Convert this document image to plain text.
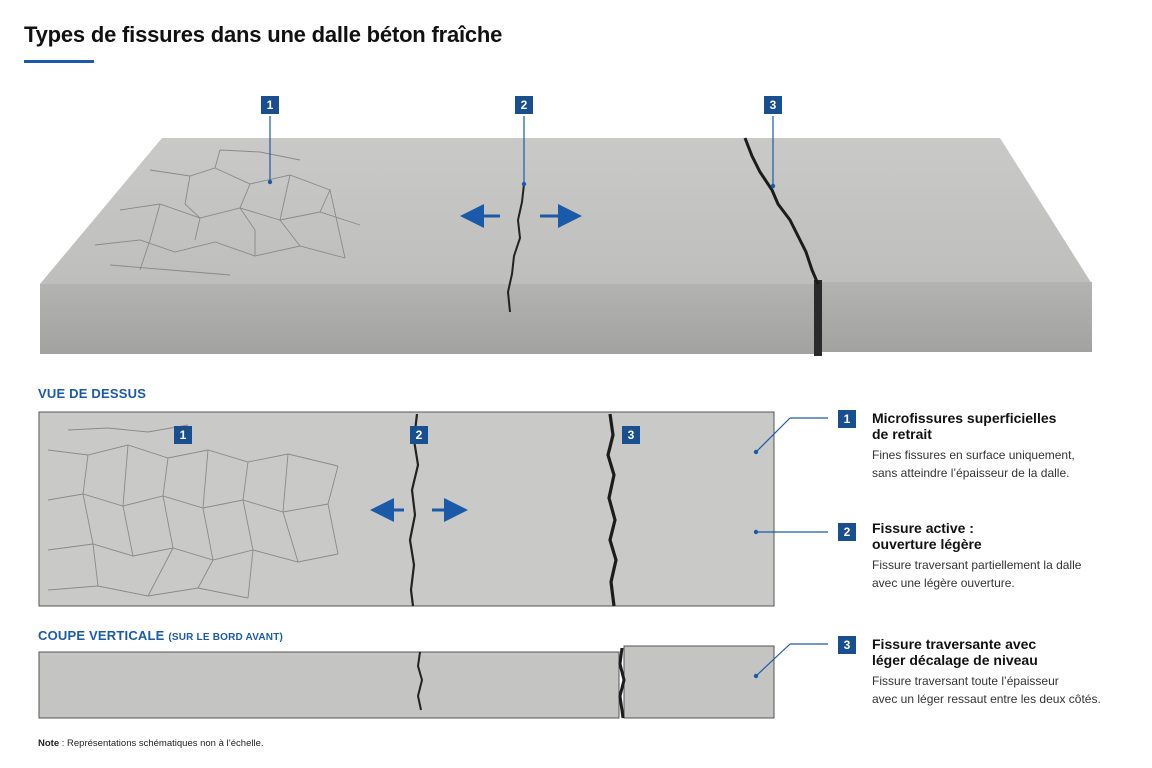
Types de fissures dans une dalle béton fraîche
1	2	3
VUE DE DESSUS
1	2	3
COUPE VERTICALE (SUR LE BORD AVANT)
1	Microfissures superficielles
de retrait
Fines fissures en surface uniquement,
sans atteindre l’épaisseur de la dalle.
2	Fissure active :
ouverture légère
Fissure traversant partiellement la dalle
avec une légère ouverture.
3	Fissure traversante avec
léger décalage de niveau
Fissure traversant toute l’épaisseur
avec un léger ressaut entre les deux côtés.
Note : Représentations schématiques non à l’échelle.
